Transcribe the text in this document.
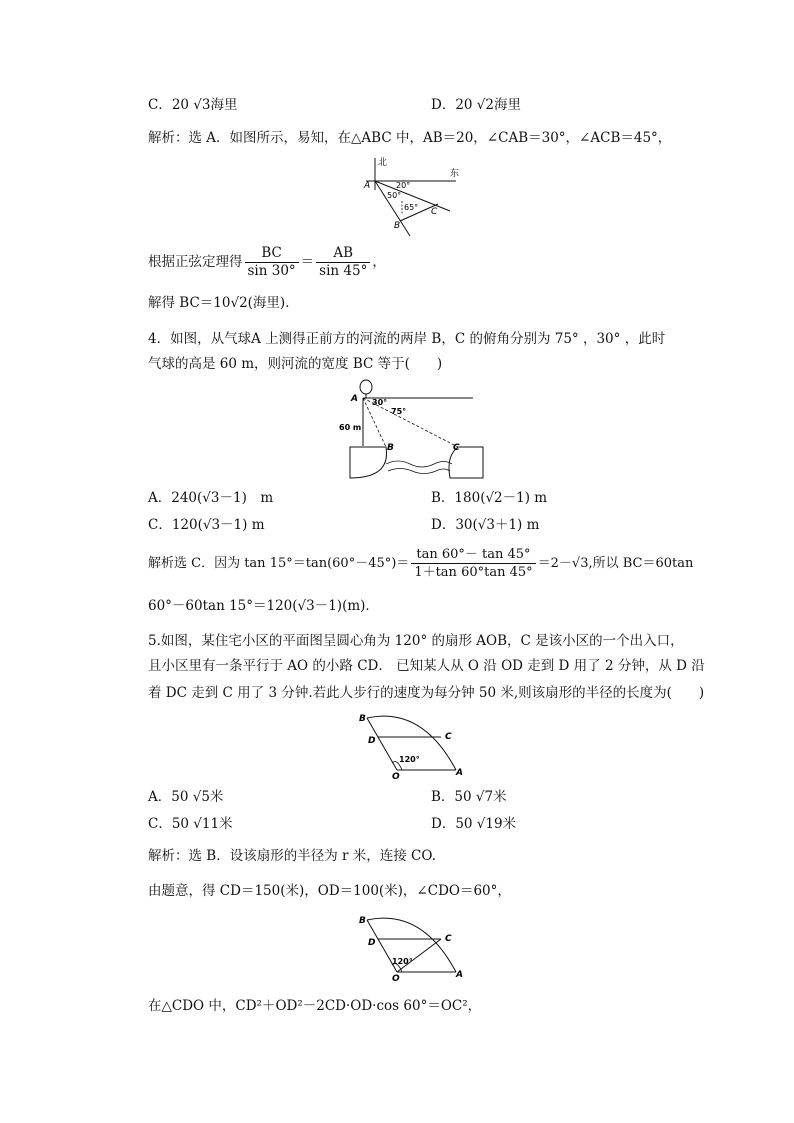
C．20 √3海里	D．20 √2海里
解析：选 A．如图所示，易知，在△ABC 中，AB＝20，∠CAB＝30°，∠ACB＝45°，
北
东
A	20°
50°
65° C
B
根据正弦定理得 $\frac{BC}{\sin 30^\circ} = \frac{AB}{\sin 45^\circ}$ ，
解得 BC＝10√2(海里)．
4．如图，从气球A 上测得正前方的河流的两岸 B，C 的俯角分别为 75° ，30° ，此时
气球的高是 60 m，则河流的宽度 BC 等于(　　)
A
60 m
30°
75°
B	C
A．240(√3－1)　m	B．180(√2－1) m
C．120(√3－1) m	D．30(√3＋1) m
解析选 C．因为 $\tan 15^\circ=\tan(60^\circ-45^\circ)= \frac{\tan 60^\circ- \tan 45^\circ}{1+\tan 60^\circ\tan 45^\circ} =2-√3$,所以 BC＝60tan
60°－60tan 15°＝120(√3－1)(m)．
5.如图，某住宅小区的平面图呈圆心角为 120° 的扇形 AOB，C 是该小区的一个出入口，
且小区里有一条平行于 AO 的小路 CD． 已知某人从 O 沿 OD 走到 D 用了 2 分钟，从 D 沿
着 DC 走到 C 用了 3 分钟.若此人步行的速度为每分钟 50 米,则该扇形的半径的长度为(　　)
B
D	C
120°
O	A
A．50 √5米	B．50 √7米
C．50 √11米	D．50 √19米
解析：选 B．设该扇形的半径为 r 米，连接 CO.
由题意，得 CD＝150(米)，OD＝100(米)，∠CDO＝60°，
B
D	C
120°
O	A
在△CDO 中，CD²＋OD²－2CD·OD·cos 60°＝OC²，
